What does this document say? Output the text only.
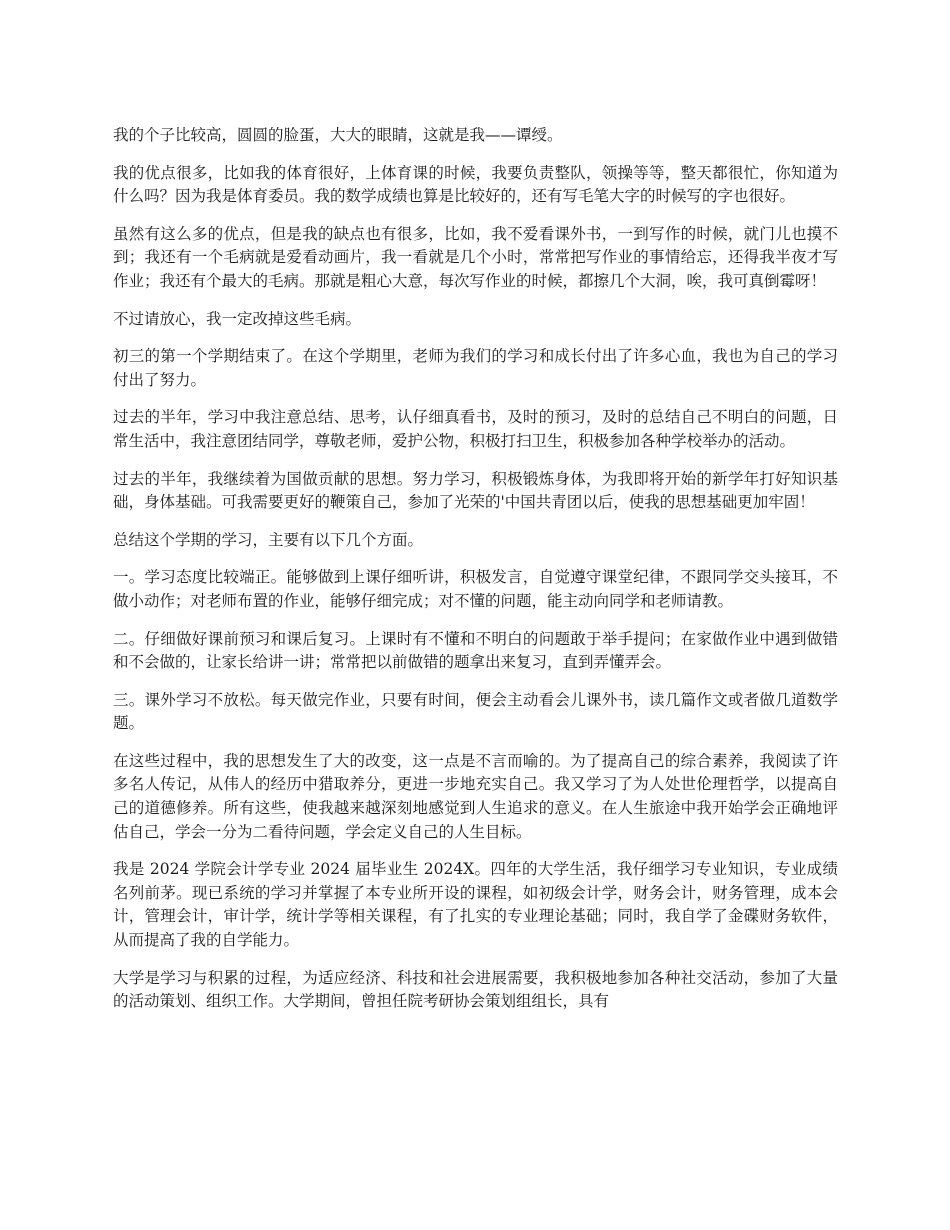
我的个子比较高，圆圆的脸蛋，大大的眼睛，这就是我——谭绶。

我的优点很多，比如我的体育很好，上体育课的时候，我要负责整队，领操等等，整天都很忙，你知道为什么吗？因为我是体育委员。我的数学成绩也算是比较好的，还有写毛笔大字的时候写的字也很好。

虽然有这么多的优点，但是我的缺点也有很多，比如，我不爱看课外书，一到写作的时候，就门儿也摸不到；我还有一个毛病就是爱看动画片，我一看就是几个小时，常常把写作业的事情给忘，还得我半夜才写作业；我还有个最大的毛病。那就是粗心大意，每次写作业的时候，都擦几个大洞，唉，我可真倒霉呀！

不过请放心，我一定改掉这些毛病。

初三的第一个学期结束了。在这个学期里，老师为我们的学习和成长付出了许多心血，我也为自己的学习付出了努力。

过去的半年，学习中我注意总结、思考，认仔细真看书，及时的预习，及时的总结自己不明白的问题，日常生活中，我注意团结同学，尊敬老师，爱护公物，积极打扫卫生，积极参加各种学校举办的活动。

过去的半年，我继续着为国做贡献的思想。努力学习，积极锻炼身体，为我即将开始的新学年打好知识基础，身体基础。可我需要更好的鞭策自己，参加了光荣的'中国共青团以后，使我的思想基础更加牢固！

总结这个学期的学习，主要有以下几个方面。

一。学习态度比较端正。能够做到上课仔细听讲，积极发言，自觉遵守课堂纪律，不跟同学交头接耳，不做小动作；对老师布置的作业，能够仔细完成；对不懂的问题，能主动向同学和老师请教。

二。仔细做好课前预习和课后复习。上课时有不懂和不明白的问题敢于举手提问；在家做作业中遇到做错和不会做的，让家长给讲一讲；常常把以前做错的题拿出来复习，直到弄懂弄会。

三。课外学习不放松。每天做完作业，只要有时间，便会主动看会儿课外书，读几篇作文或者做几道数学题。

在这些过程中，我的思想发生了大的改变，这一点是不言而喻的。为了提高自己的综合素养，我阅读了许多名人传记，从伟人的经历中猎取养分，更进一步地充实自己。我又学习了为人处世伦理哲学，以提高自己的道德修养。所有这些，使我越来越深刻地感觉到人生追求的意义。在人生旅途中我开始学会正确地评估自己，学会一分为二看待问题，学会定义自己的人生目标。

我是 2024 学院会计学专业 2024 届毕业生 2024X。四年的大学生活，我仔细学习专业知识，专业成绩名列前茅。现已系统的学习并掌握了本专业所开设的课程，如初级会计学，财务会计，财务管理，成本会计，管理会计，审计学，统计学等相关课程，有了扎实的专业理论基础；同时，我自学了金碟财务软件，从而提高了我的自学能力。

大学是学习与积累的过程，为适应经济、科技和社会进展需要，我积极地参加各种社交活动，参加了大量的活动策划、组织工作。大学期间，曾担任院考研协会策划组组长，具有
